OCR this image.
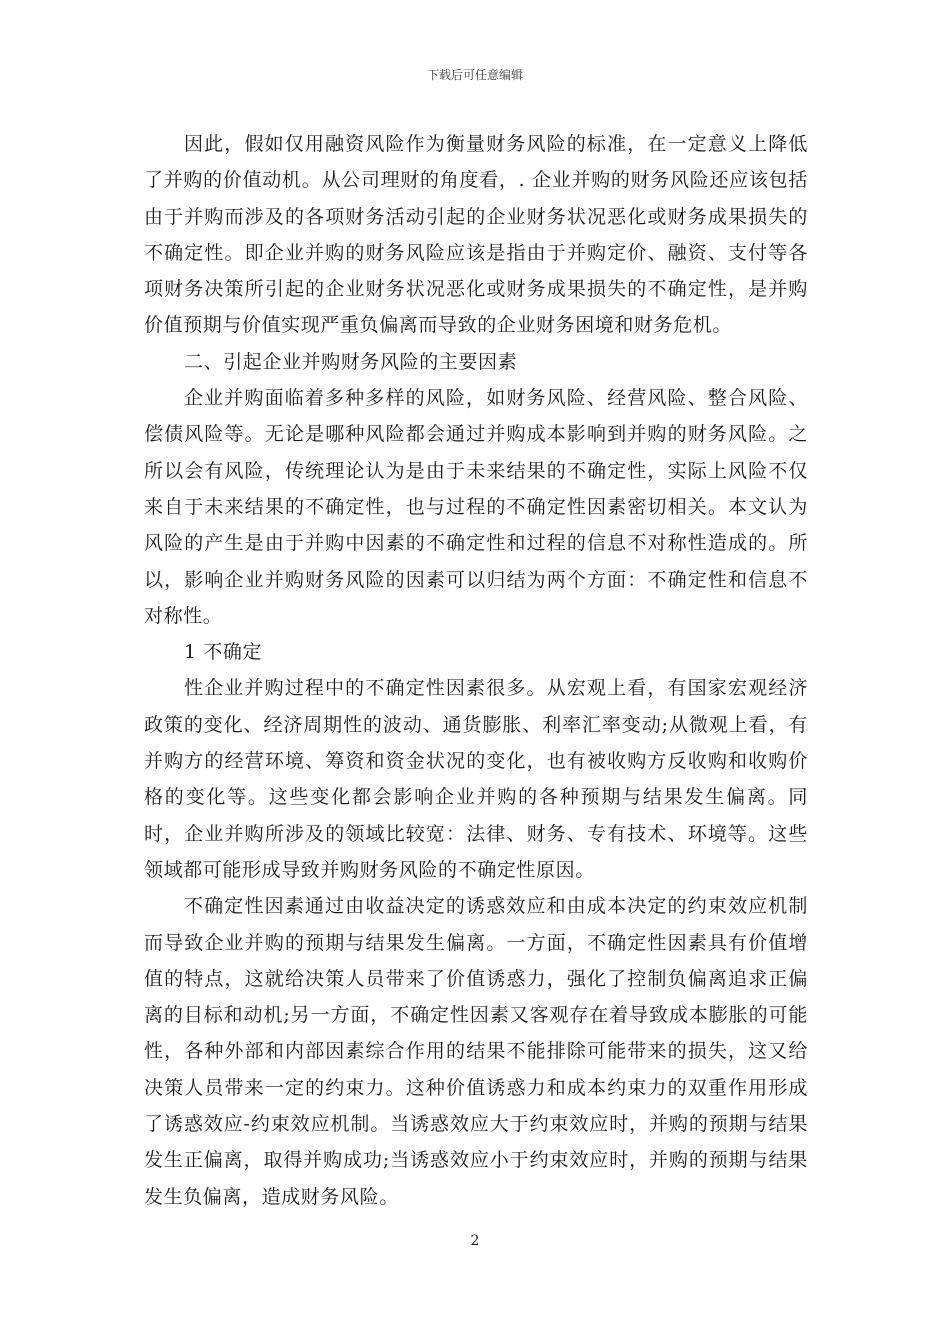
下载后可任意编辑

因此，假如仅用融资风险作为衡量财务风险的标准，在一定意义上降低了并购的价值动机。从公司理财的角度看，. 企业并购的财务风险还应该包括由于并购而涉及的各项财务活动引起的企业财务状况恶化或财务成果损失的不确定性。即企业并购的财务风险应该是指由于并购定价、融资、支付等各项财务决策所引起的企业财务状况恶化或财务成果损失的不确定性，是并购价值预期与价值实现严重负偏离而导致的企业财务困境和财务危机。

二、引起企业并购财务风险的主要因素

企业并购面临着多种多样的风险，如财务风险、经营风险、整合风险、偿债风险等。无论是哪种风险都会通过并购成本影响到并购的财务风险。之所以会有风险，传统理论认为是由于未来结果的不确定性，实际上风险不仅来自于未来结果的不确定性，也与过程的不确定性因素密切相关。本文认为风险的产生是由于并购中因素的不确定性和过程的信息不对称性造成的。所以，影响企业并购财务风险的因素可以归结为两个方面：不确定性和信息不对称性。

1 不确定

性企业并购过程中的不确定性因素很多。从宏观上看，有国家宏观经济政策的变化、经济周期性的波动、通货膨胀、利率汇率变动;从微观上看，有并购方的经营环境、筹资和资金状况的变化，也有被收购方反收购和收购价格的变化等。这些变化都会影响企业并购的各种预期与结果发生偏离。同时，企业并购所涉及的领域比较宽：法律、财务、专有技术、环境等。这些领域都可能形成导致并购财务风险的不确定性原因。

不确定性因素通过由收益决定的诱惑效应和由成本决定的约束效应机制而导致企业并购的预期与结果发生偏离。一方面，不确定性因素具有价值增值的特点，这就给决策人员带来了价值诱惑力，强化了控制负偏离追求正偏离的目标和动机;另一方面，不确定性因素又客观存在着导致成本膨胀的可能性，各种外部和内部因素综合作用的结果不能排除可能带来的损失，这又给决策人员带来一定的约束力。这种价值诱惑力和成本约束力的双重作用形成了诱惑效应-约束效应机制。当诱惑效应大于约束效应时，并购的预期与结果发生正偏离，取得并购成功;当诱惑效应小于约束效应时，并购的预期与结果发生负偏离，造成财务风险。

2
